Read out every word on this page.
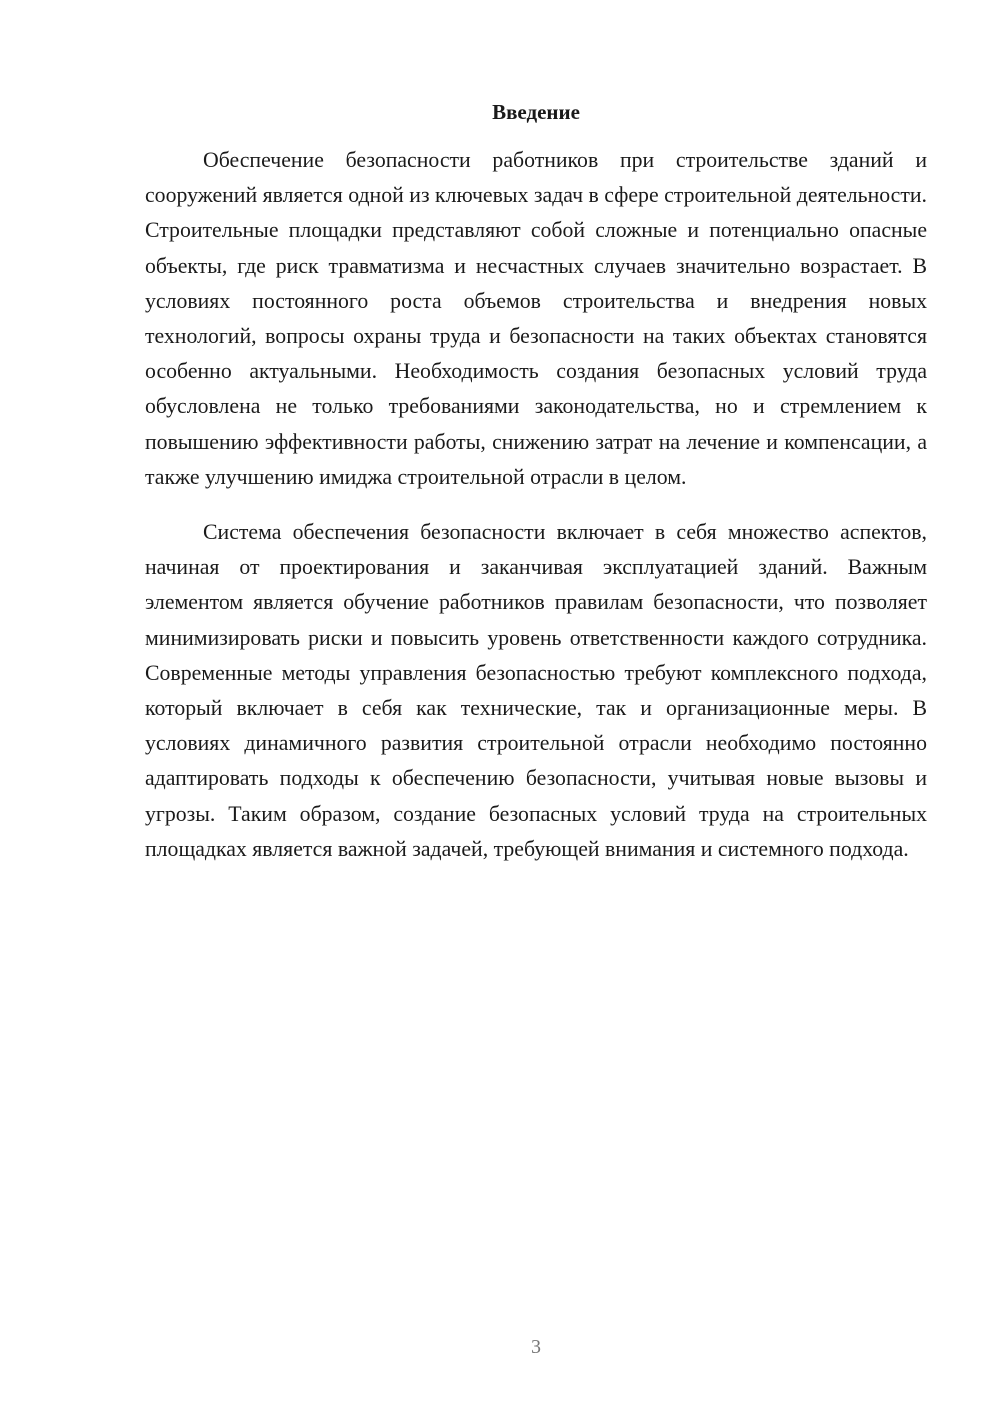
Введение

Обеспечение безопасности работников при строительстве зданий и сооружений является одной из ключевых задач в сфере строительной деятельности. Строительные площадки представляют собой сложные и потенциально опасные объекты, где риск травматизма и несчастных случаев значительно возрастает. В условиях постоянного роста объемов строительства и внедрения новых технологий, вопросы охраны труда и безопасности на таких объектах становятся особенно актуальными. Необходимость создания безопасных условий труда обусловлена не только требованиями законодательства, но и стремлением к повышению эффективности работы, снижению затрат на лечение и компенсации, а также улучшению имиджа строительной отрасли в целом.

Система обеспечения безопасности включает в себя множество аспектов, начиная от проектирования и заканчивая эксплуатацией зданий. Важным элементом является обучение работников правилам безопасности, что позволяет минимизировать риски и повысить уровень ответственности каждого сотрудника. Современные методы управления безопасностью требуют комплексного подхода, который включает в себя как технические, так и организационные меры. В условиях динамичного развития строительной отрасли необходимо постоянно адаптировать подходы к обеспечению безопасности, учитывая новые вызовы и угрозы. Таким образом, создание безопасных условий труда на строительных площадках является важной задачей, требующей внимания и системного подхода.

3
